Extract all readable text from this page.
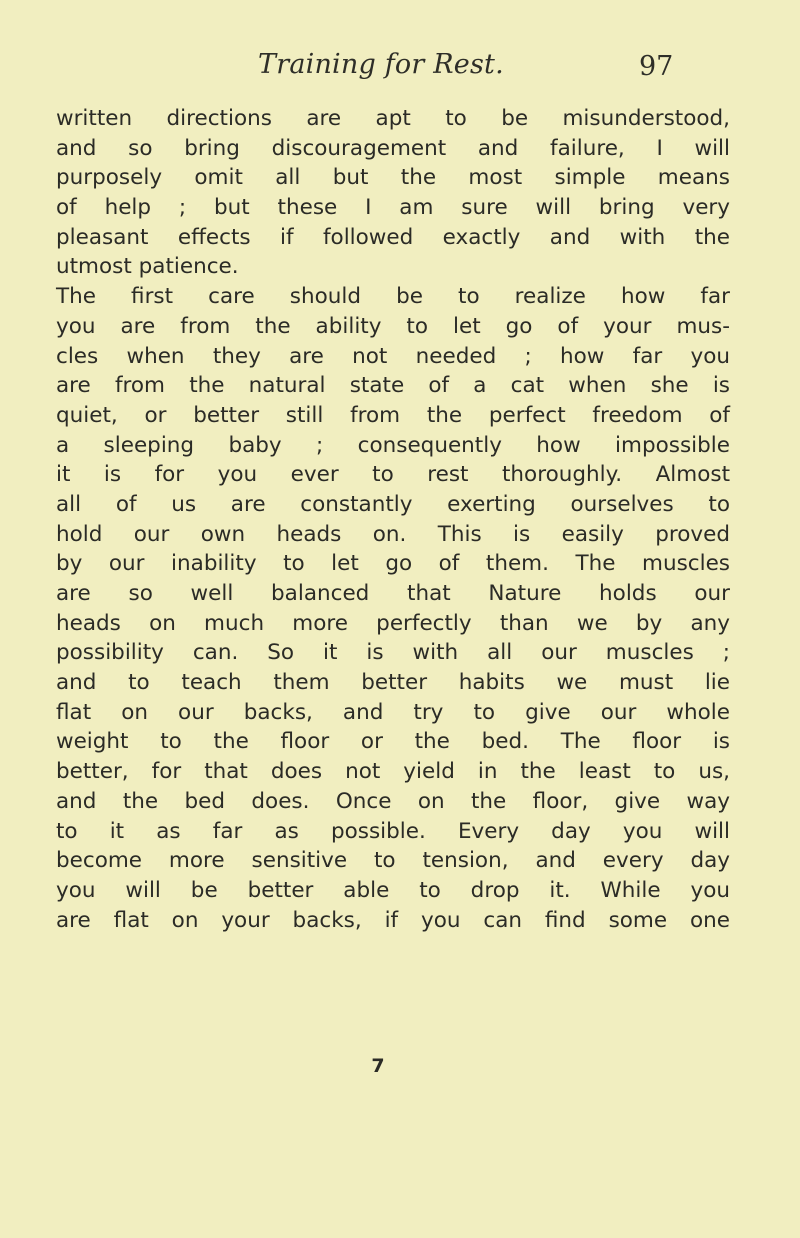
Training for Rest.	97
written directions are apt to be misunderstood,
and so bring discouragement and failure, I will
purposely omit all but the most simple means
of help ; but these I am sure will bring very
pleasant effects if followed exactly and with the
utmost patience.
The first care should be to realize how far
you are from the ability to let go of your mus-
cles when they are not needed ; how far you
are from the natural state of a cat when she is
quiet, or better still from the perfect freedom of
a sleeping baby ; consequently how impossible
it is for you ever to rest thoroughly. Almost
all of us are constantly exerting ourselves to
hold our own heads on. This is easily proved
by our inability to let go of them. The muscles
are so well balanced that Nature holds our
heads on much more perfectly than we by any
possibility can. So it is with all our muscles ;
and to teach them better habits we must lie
flat on our backs, and try to give our whole
weight to the floor or the bed. The floor is
better, for that does not yield in the least to us,
and the bed does. Once on the floor, give way
to it as far as possible. Every day you will
become more sensitive to tension, and every day
you will be better able to drop it. While you
are flat on your backs, if you can find some one
7
